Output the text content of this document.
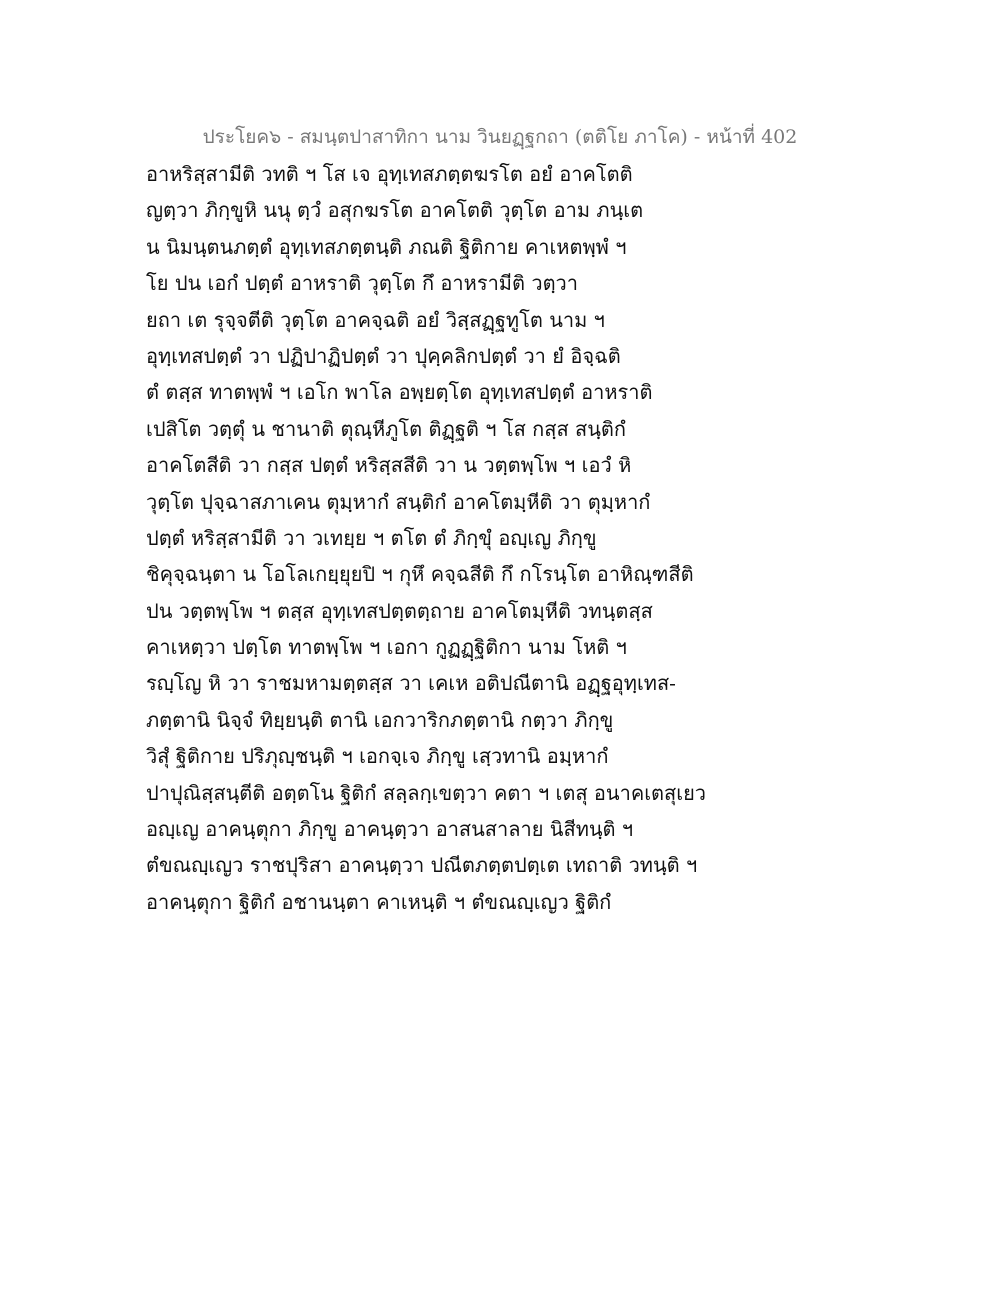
ประโยค๖ - สมนฺตปาสาทิกา นาม วินยฏฺฐกถา (ตติโย ภาโค) - หน้าที่ 402
อาหริสฺสามีติ วทติ ฯ โส เจ อุทฺเทสภตฺตฆรโต อยํ อาคโตติ
ญตฺวา ภิกฺขูหิ นนุ ตฺวํ อสุกฆรโต อาคโตติ วุตฺโต อาม ภนฺเต
น นิมนฺตนภตฺตํ อุทฺเทสภตฺตนฺติ ภณติ ฐิติกาย คาเหตพฺพํ ฯ
โย ปน เอกํ ปตฺตํ อาหราติ วุตฺโต กึ อาหรามีติ วตฺวา
ยถา เต รุจฺจตีติ วุตฺโต อาคจฺฉติ อยํ วิสฺสฏฺฐทูโต นาม ฯ
อุทฺเทสปตฺตํ วา ปฏิปาฏิปตฺตํ วา ปุคฺคลิกปตฺตํ วา ยํ อิจฺฉติ
ตํ ตสฺส ทาตพฺพํ ฯ เอโก พาโล อพฺยตฺโต อุทฺเทสปตฺตํ อาหราติ
เปสิโต วตฺตุํ น ชานาติ ตุณฺหีภูโต ติฏฺฐติ ฯ โส กสฺส สนฺติกํ
อาคโตสีติ วา กสฺส ปตฺตํ หริสฺสสีติ วา น วตฺตพฺโพ ฯ เอวํ หิ
วุตฺโต ปุจฺฉาสภาเคน ตุมฺหากํ สนฺติกํ อาคโตมฺหีติ วา ตุมฺหากํ
ปตฺตํ หริสฺสามีติ วา วเทยฺย ฯ ตโต ตํ ภิกฺขุํ อญฺเญ ภิกฺขู
ชิคุจฺฉนฺตา น โอโลเกยฺยุยปิ ฯ กุหึ คจฺฉสีติ กึ กโรนฺโต อาหิณฺฑสีติ
ปน วตฺตพฺโพ ฯ ตสฺส อุทฺเทสปตฺตตฺถาย อาคโตมฺหีติ วทนฺตสฺส
คาเหตฺวา ปตฺโต ทาตพฺโพ ฯ เอกา กูฏฏฺฐิติกา นาม โหติ ฯ
รญฺโญ หิ วา ราชมหามตฺตสฺส วา เคเห อติปณีตานิ อฏฺฐอุทฺเทส-
ภตฺตานิ นิจฺจํ ทิยฺยนฺติ ตานิ เอกวาริกภตฺตานิ กตฺวา ภิกฺขู
วิสุํ ฐิติกาย ปริภุญฺชนฺติ ฯ เอกจฺเจ ภิกฺขู เสฺวทานิ อมฺหากํ
ปาปุณิสฺสนฺตีติ อตฺตโน ฐิติกํ สลฺลกฺเขตฺวา คตา ฯ เตสุ อนาคเตสุเยว
อญฺเญ อาคนฺตุกา ภิกฺขู อาคนฺตฺวา อาสนสาลาย นิสีทนฺติ ฯ
ตํขณญฺเญว ราชปุริสา อาคนฺตฺวา ปณีตภตฺตปตฺเต เทถาติ วทนฺติ ฯ
อาคนฺตุกา ฐิติกํ อชานนฺตา คาเหนฺติ ฯ ตํขณญฺเญว ฐิติกํ
